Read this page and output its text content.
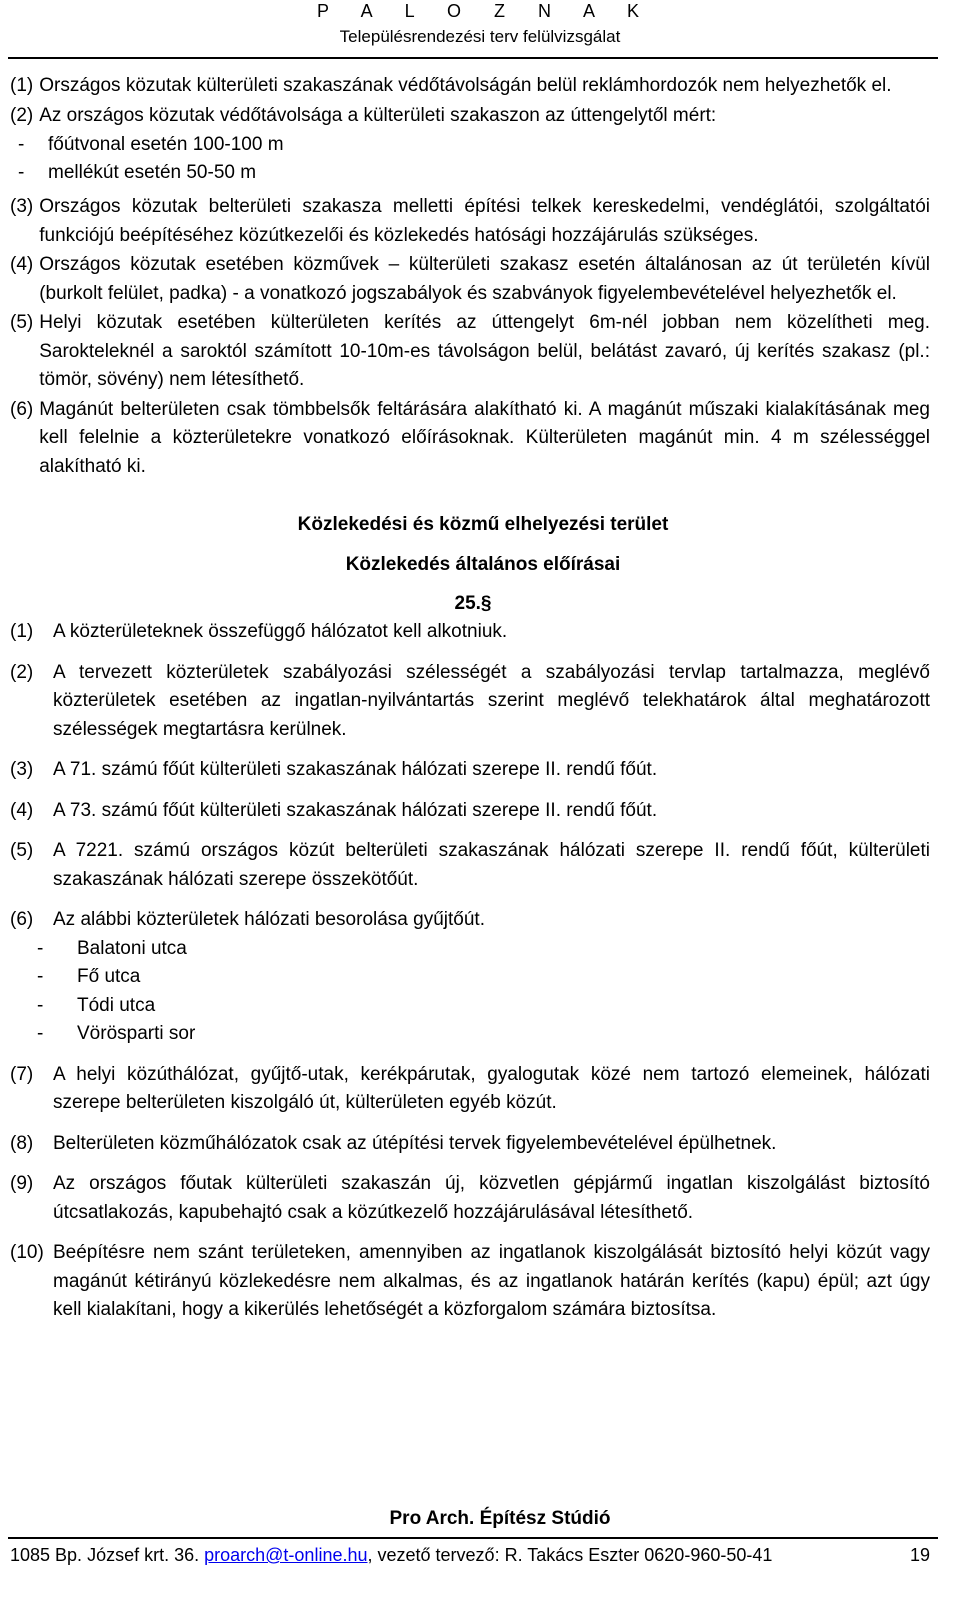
P A L O Z N A K
Településrendezési terv felülvizsgálat
(1) Országos közutak külterületi szakaszának védőtávolságán belül reklámhordozók nem helyezhetők el.
(2) Az országos közutak védőtávolsága a külterületi szakaszon az úttengelytől mért:
-	főútvonal esetén 100-100 m
-	mellékút esetén 50-50 m
(3) Országos közutak belterületi szakasza melletti építési telkek kereskedelmi, vendéglátói, szolgáltatói funkciójú beépítéséhez közútkezelői és közlekedés hatósági hozzájárulás szükséges.
(4) Országos közutak esetében közművek – külterületi szakasz esetén általánosan az út területén kívül (burkolt felület, padka) - a vonatkozó jogszabályok és szabványok figyelembevételével helyezhetők el.
(5) Helyi közutak esetében külterületen kerítés az úttengelyt 6m-nél jobban nem közelítheti meg. Sarokteleknél a saroktól számított 10-10m-es távolságon belül, belátást zavaró, új kerítés szakasz (pl.: tömör, sövény) nem létesíthető.
(6) Magánút belterületen csak tömbbelsők feltárására alakítható ki. A magánút műszaki kialakításának meg kell felelnie a közterületekre vonatkozó előírásoknak. Külterületen magánút min. 4 m szélességgel alakítható ki.
Közlekedési és közmű elhelyezési terület
Közlekedés általános előírásai
25.§
(1)	A közterületeknek összefüggő hálózatot kell alkotniuk.
(2)	A tervezett közterületek szabályozási szélességét a szabályozási tervlap tartalmazza, meglévő közterületek esetében az ingatlan-nyilvántartás szerint meglévő telekhatárok által meghatározott szélességek megtartásra kerülnek.
(3)	A 71. számú főút külterületi szakaszának hálózati szerepe II. rendű főút.
(4)	A 73. számú főút külterületi szakaszának hálózati szerepe II. rendű főút.
(5)	A 7221. számú országos közút belterületi szakaszának hálózati szerepe II. rendű főút, külterületi szakaszának hálózati szerepe összekötőút.
(6)	Az alábbi közterületek hálózati besorolása gyűjtőút.
-	Balatoni utca
-	Fő utca
-	Tódi utca
-	Vörösparti sor
(7)	A helyi közúthálózat, gyűjtő-utak, kerékpárutak, gyalogutak közé nem tartozó elemeinek, hálózati szerepe belterületen kiszolgáló út, külterületen egyéb közút.
(8)	Belterületen közműhálózatok csak az útépítési tervek figyelembevételével épülhetnek.
(9)	Az országos főutak külterületi szakaszán új, közvetlen gépjármű ingatlan kiszolgálást biztosító útcsatlakozás, kapubehajtó csak a közútkezelő hozzájárulásával létesíthető.
(10) Beépítésre nem szánt területeken, amennyiben az ingatlanok kiszolgálását biztosító helyi közút vagy magánút kétirányú közlekedésre nem alkalmas, és az ingatlanok határán kerítés (kapu) épül; azt úgy kell kialakítani, hogy a kikerülés lehetőségét a közforgalom számára biztosítsa.
Pro Arch. Építész Stúdió
1085 Bp. József krt. 36. proarch@t-online.hu, vezető tervező: R. Takács Eszter 0620-960-50-41	19
